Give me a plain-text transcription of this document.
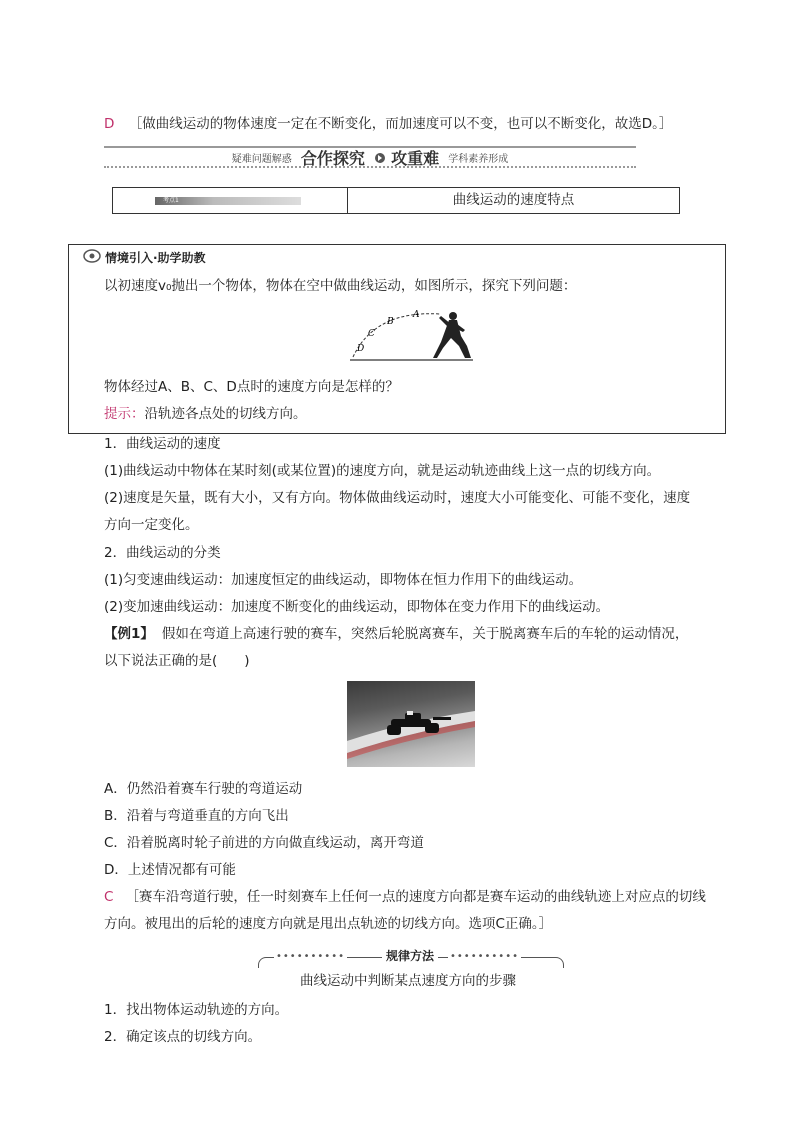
D ［做曲线运动的物体速度一定在不断变化，而加速度可以不变，也可以不断变化，故选D。］
疑难问题解惑 合作探究 攻重难 学科素养形成
考点1	曲线运动的速度特点
情境引入·助学助教
以初速度v₀抛出一个物体，物体在空中做曲线运动，如图所示，探究下列问题：
A
B
C
D
物体经过A、B、C、D点时的速度方向是怎样的？
提示：沿轨迹各点处的切线方向。
1．曲线运动的速度
(1)曲线运动中物体在某时刻(或某位置)的速度方向，就是运动轨迹曲线上这一点的切线方向。
(2)速度是矢量，既有大小，又有方向。物体做曲线运动时，速度大小可能变化、可能不变化，速度
方向一定变化。
2．曲线运动的分类
(1)匀变速曲线运动：加速度恒定的曲线运动，即物体在恒力作用下的曲线运动。
(2)变加速曲线运动：加速度不断变化的曲线运动，即物体在变力作用下的曲线运动。
【例1】 假如在弯道上高速行驶的赛车，突然后轮脱离赛车，关于脱离赛车后的车轮的运动情况，
以下说法正确的是(　　)
A．仍然沿着赛车行驶的弯道运动
B．沿着与弯道垂直的方向飞出
C．沿着脱离时轮子前进的方向做直线运动，离开弯道
D．上述情况都有可能
C ［赛车沿弯道行驶，任一时刻赛车上任何一点的速度方向都是赛车运动的曲线轨迹上对应点的切线
方向。被甩出的后轮的速度方向就是甩出点轨迹的切线方向。选项C正确。］
••••••••••	规律方法	••••••••••
曲线运动中判断某点速度方向的步骤
1．找出物体运动轨迹的方向。
2．确定该点的切线方向。
